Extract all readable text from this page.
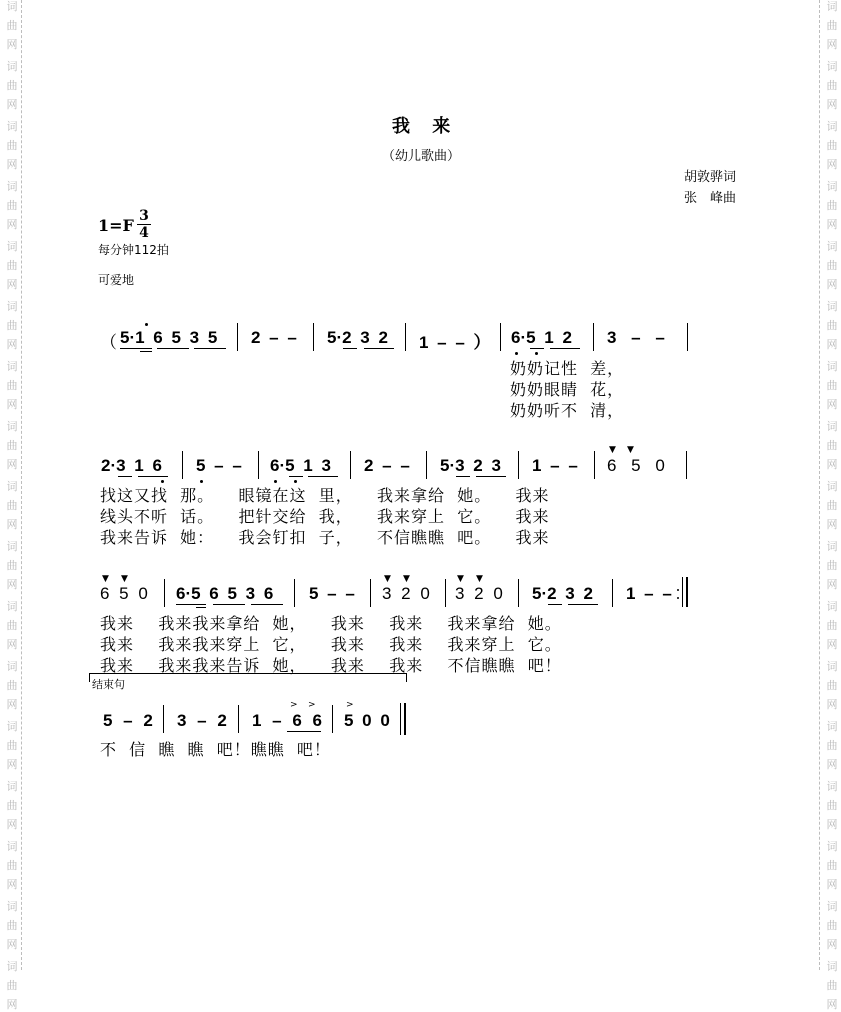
词
曲
网
词
曲
网
词
曲
网
词
曲
网
词
曲
网
词
曲
网
词
曲
网
词
曲
网
词
曲
网
词
曲
网
词
曲
网
词
曲
网
词
曲
网
词
曲
网
词
曲
网
词
曲
网
词
曲
网
词
曲
网
词
曲
网
词
曲
网
词
曲
网
词
曲
网
词
曲
网
词
曲
网
词
曲
网
词
曲
网
词
曲
网
词
曲
网
词
曲
网
词
曲
网
词
曲
网
词
曲
网
词
曲
网
词
曲
网
我 来
（幼儿歌曲）
胡敦骅词
张　峰曲
1=F 3
4
每分钟112拍
可爱地
（ 5·1 6 5 3 5 2 – – 5·2 3 2 1 – – ） 6·5 1 2 3 – –
奶奶记性  差，
奶奶眼睛  花，
奶奶听不  清，
2·3 1 6 5 – – 6·5 1 3 2 – – 5·3 2 3 1 – –
▼ ▼
6 5 0
找这又找  那。    眼镜在这  里，    我来拿给  她。    我来
线头不听  话。    把针交给  我，    我来穿上  它。    我来
我来告诉  她：    我会钉扣  子，    不信瞧瞧  吧。    我来
▼ ▼
6 5 0 6·5 6 5 3 6 5 – –
▼ ▼
3 2 0
▼ ▼
3 2 0 5·2 3 2 1 – –
我来    我来我来拿给  她，    我来    我来    我来拿给  她。
我来    我来我来穿上  它，    我来    我来    我来穿上  它。
我来    我来我来告诉  她，    我来    我来    不信瞧瞧  吧！
结束句
5 – 2 3 – 2 1 – 6 6
> >	>
5 0 0
不  信  瞧  瞧  吧！瞧瞧  吧！
